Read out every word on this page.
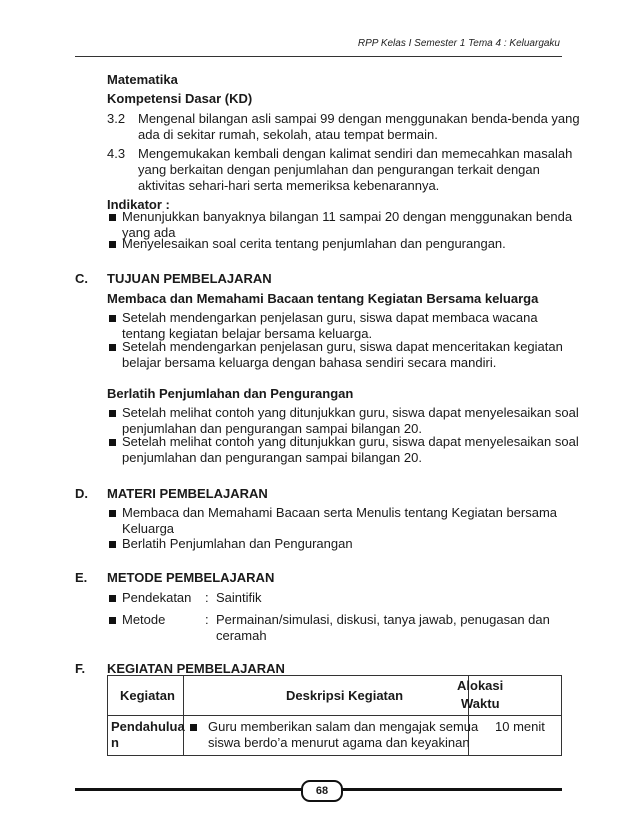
RPP Kelas I Semester 1 Tema 4 : Keluargaku
Matematika
Kompetensi Dasar (KD)
3.2 Mengenal bilangan asli sampai 99 dengan menggunakan benda-benda yang
ada di sekitar rumah, sekolah, atau tempat bermain.
4.3 Mengemukakan kembali dengan kalimat sendiri dan memecahkan masalah
yang berkaitan dengan penjumlahan dan pengurangan terkait dengan
aktivitas sehari-hari serta memeriksa kebenarannya.
Indikator :
Menunjukkan banyaknya bilangan 11 sampai 20 dengan menggunakan benda
yang ada
Menyelesaikan soal cerita tentang penjumlahan dan pengurangan.
C. TUJUAN PEMBELAJARAN
Membaca dan Memahami Bacaan tentang Kegiatan Bersama keluarga
Setelah mendengarkan penjelasan guru, siswa dapat membaca wacana
tentang kegiatan belajar bersama keluarga.
Setelah mendengarkan penjelasan guru, siswa dapat menceritakan kegiatan
belajar bersama keluarga dengan bahasa sendiri secara mandiri.
Berlatih Penjumlahan dan Pengurangan
Setelah melihat contoh yang ditunjukkan guru, siswa dapat menyelesaikan soal
penjumlahan dan pengurangan sampai bilangan 20.
Setelah melihat contoh yang ditunjukkan guru, siswa dapat menyelesaikan soal
penjumlahan dan pengurangan sampai bilangan 20.
D. MATERI PEMBELAJARAN
Membaca dan Memahami Bacaan serta Menulis tentang Kegiatan bersama
Keluarga
Berlatih Penjumlahan dan Pengurangan
E. METODE PEMBELAJARAN
Pendekatan : Saintifik
Metode	: Permainan/simulasi, diskusi, tanya jawab, penugasan dan
ceramah
F. KEGIATAN PEMBELAJARAN
Kegiatan	Deskripsi Kegiatan	Alokasi
Waktu

Pendahulua
n	Guru memberikan salam dan mengajak semua
siswa berdo’a menurut agama dan keyakinan	10 menit
68
